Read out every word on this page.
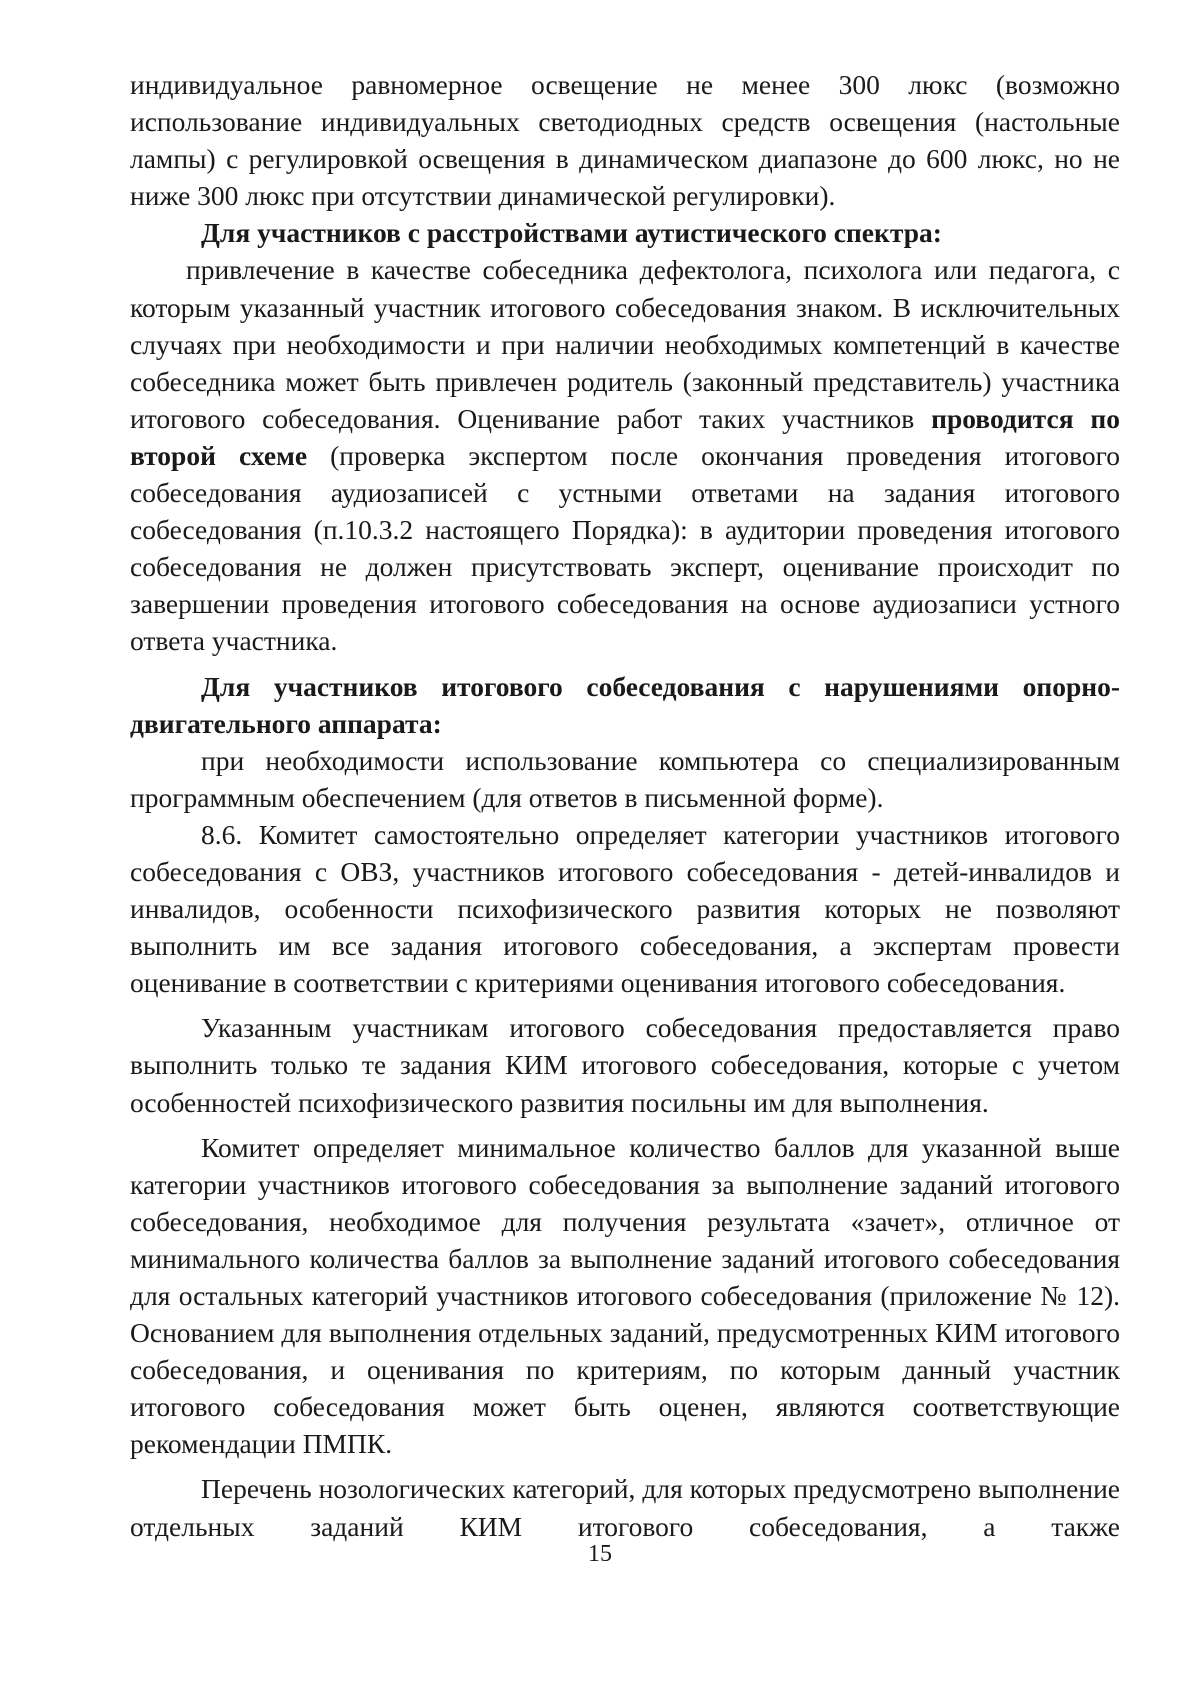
индивидуальное равномерное освещение не менее 300 люкс (возможно использование индивидуальных светодиодных средств освещения (настольные лампы) с регулировкой освещения в динамическом диапазоне до 600 люкс, но не ниже 300 люкс при отсутствии динамической регулировки).

Для участников с расстройствами аутистического спектра:

привлечение в качестве собеседника дефектолога, психолога или педагога, с которым указанный участник итогового собеседования знаком. В исключительных случаях при необходимости и при наличии необходимых компетенций в качестве собеседника может быть привлечен родитель (законный представитель) участника итогового собеседования. Оценивание работ таких участников проводится по второй схеме (проверка экспертом после окончания проведения итогового собеседования аудиозаписей с устными ответами на задания итогового собеседования (п.10.3.2 настоящего Порядка): в аудитории проведения итогового собеседования не должен присутствовать эксперт, оценивание происходит по завершении проведения итогового собеседования на основе аудиозаписи устного ответа участника.

Для участников итогового собеседования с нарушениями опорно-двигательного аппарата:

при необходимости использование компьютера со специализированным программным обеспечением (для ответов в письменной форме).

8.6. Комитет самостоятельно определяет категории участников итогового собеседования с ОВЗ, участников итогового собеседования - детей-инвалидов и инвалидов, особенности психофизического развития которых не позволяют выполнить им все задания итогового собеседования, а экспертам провести оценивание в соответствии с критериями оценивания итогового собеседования.

Указанным участникам итогового собеседования предоставляется право выполнить только те задания КИМ итогового собеседования, которые с учетом особенностей психофизического развития посильны им для выполнения.

Комитет определяет минимальное количество баллов для указанной выше категории участников итогового собеседования за выполнение заданий итогового собеседования, необходимое для получения результата «зачет», отличное от минимального количества баллов за выполнение заданий итогового собеседования для остальных категорий участников итогового собеседования (приложение № 12). Основанием для выполнения отдельных заданий, предусмотренных КИМ итогового собеседования, и оценивания по критериям, по которым данный участник итогового собеседования может быть оценен, являются соответствующие рекомендации ПМПК.

Перечень нозологических категорий, для которых предусмотрено выполнение отдельных заданий КИМ итогового собеседования, а также

15
